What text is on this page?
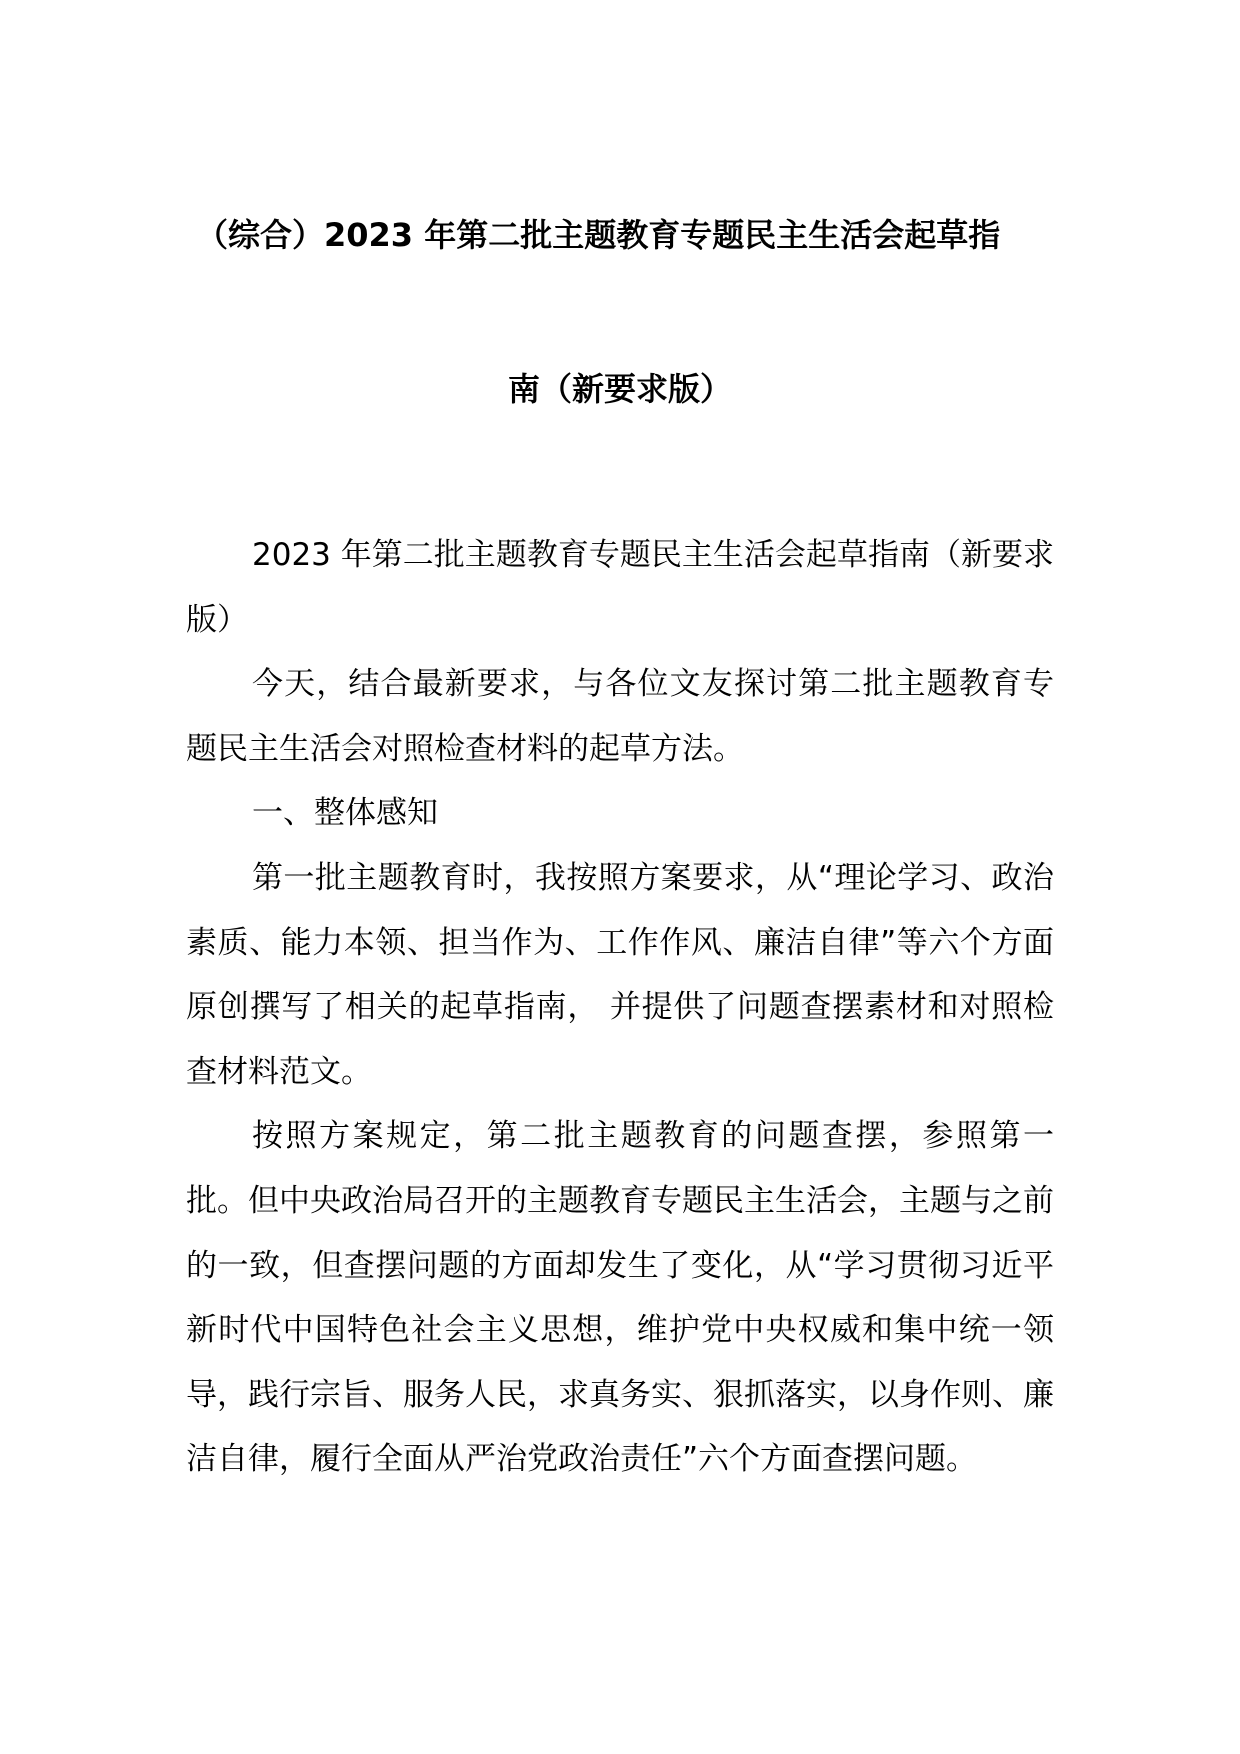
（综合）2023 年第二批主题教育专题民主生活会起草指
南（新要求版）

2023 年第二批主题教育专题民主生活会起草指南（新要求版）

今天，结合最新要求，与各位文友探讨第二批主题教育专题民主生活会对照检查材料的起草方法。

一、整体感知

第一批主题教育时，我按照方案要求，从“理论学习、政治素质、能力本领、担当作为、工作作风、廉洁自律”等六个方面原创撰写了相关的起草指南， 并提供了问题查摆素材和对照检查材料范文。

按照方案规定，第二批主题教育的问题查摆，参照第一批。但中央政治局召开的主题教育专题民主生活会，主题与之前的一致，但查摆问题的方面却发生了变化，从“学习贯彻习近平新时代中国特色社会主义思想，维护党中央权威和集中统一领导，践行宗旨、服务人民，求真务实、狠抓落实，以身作则、廉洁自律，履行全面从严治党政治责任”六个方面查摆问题。
